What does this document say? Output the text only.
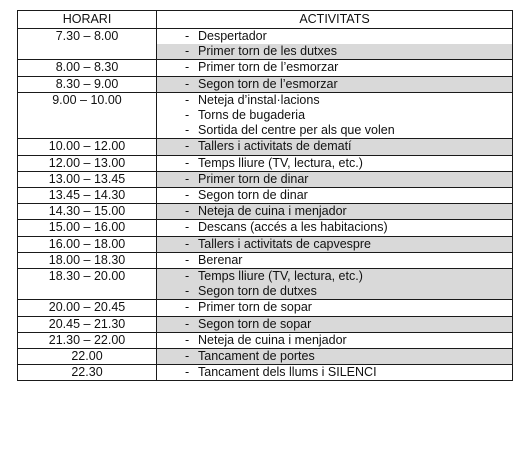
HORARI	ACTIVITATS
7.30 – 8.00	- Despertador
- Primer torn de les dutxes

8.00 – 8.30	- Primer torn de l’esmorzar

8.30 – 9.00	- Segon torn de l’esmorzar

9.00 – 10.00	- Neteja d’instal·lacions
- Torns de bugaderia
- Sortida del centre per als que volen

10.00 – 12.00	- Tallers i activitats de dematí

12.00 – 13.00	- Temps lliure (TV, lectura, etc.)

13.00 – 13.45	- Primer torn de dinar

13.45 – 14.30	- Segon torn de dinar

14.30 – 15.00	- Neteja de cuina i menjador

15.00 – 16.00	- Descans (accés a les habitacions)

16.00 – 18.00	- Tallers i activitats de capvespre

18.00 – 18.30	- Berenar

18.30 – 20.00	- Temps lliure (TV, lectura, etc.)
- Segon torn de dutxes

20.00 – 20.45	- Primer torn de sopar

20.45 – 21.30	- Segon torn de sopar

21.30 – 22.00	- Neteja de cuina i menjador

22.00	- Tancament de portes

22.30	- Tancament dels llums i SILENCI
